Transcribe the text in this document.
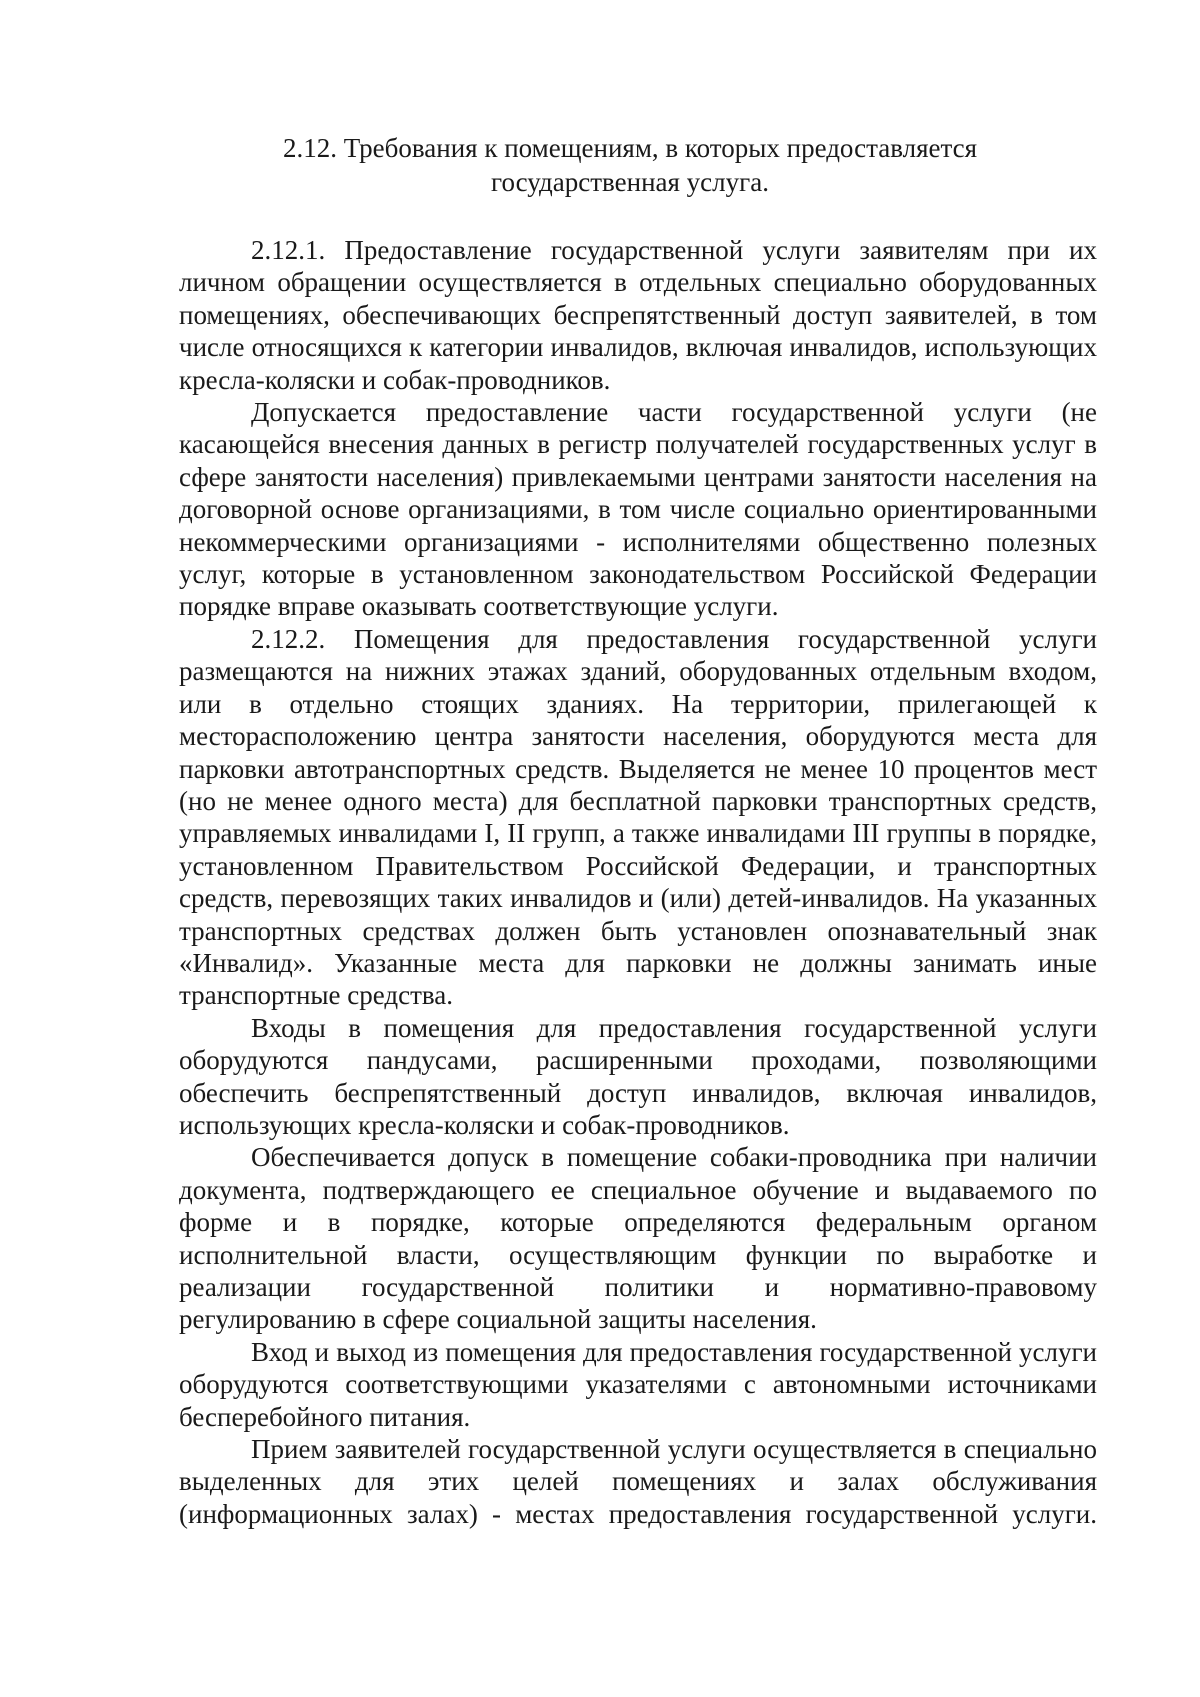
2.12. Требования к помещениям, в которых предоставляется
государственная услуга.

2.12.1. Предоставление государственной услуги заявителям при их личном обращении осуществляется в отдельных специально оборудованных помещениях, обеспечивающих беспрепятственный доступ заявителей, в том числе относящихся к категории инвалидов, включая инвалидов, использующих кресла-коляски и собак-проводников.

Допускается предоставление части государственной услуги (не касающейся внесения данных в регистр получателей государственных услуг в сфере занятости населения) привлекаемыми центрами занятости населения на договорной основе организациями, в том числе социально ориентированными некоммерческими организациями - исполнителями общественно полезных услуг, которые в установленном законодательством Российской Федерации порядке вправе оказывать соответствующие услуги.

2.12.2. Помещения для предоставления государственной услуги размещаются на нижних этажах зданий, оборудованных отдельным входом, или в отдельно стоящих зданиях. На территории, прилегающей к месторасположению центра занятости населения, оборудуются места для парковки автотранспортных средств. Выделяется не менее 10 процентов мест (но не менее одного места) для бесплатной парковки транспортных средств, управляемых инвалидами I, II групп, а также инвалидами III группы в порядке, установленном Правительством Российской Федерации, и транспортных средств, перевозящих таких инвалидов и (или) детей-инвалидов. На указанных транспортных средствах должен быть установлен опознавательный знак «Инвалид». Указанные места для парковки не должны занимать иные транспортные средства.

Входы в помещения для предоставления государственной услуги оборудуются пандусами, расширенными проходами, позволяющими обеспечить беспрепятственный доступ инвалидов, включая инвалидов, использующих кресла-коляски и собак-проводников.

Обеспечивается допуск в помещение собаки-проводника при наличии документа, подтверждающего ее специальное обучение и выдаваемого по форме и в порядке, которые определяются федеральным органом исполнительной власти, осуществляющим функции по выработке и реализации государственной политики и нормативно-правовому регулированию в сфере социальной защиты населения.

Вход и выход из помещения для предоставления государственной услуги оборудуются соответствующими указателями с автономными источниками бесперебойного питания.

Прием заявителей государственной услуги осуществляется в специально выделенных для этих целей помещениях и залах обслуживания (информационных залах) - местах предоставления государственной услуги.
